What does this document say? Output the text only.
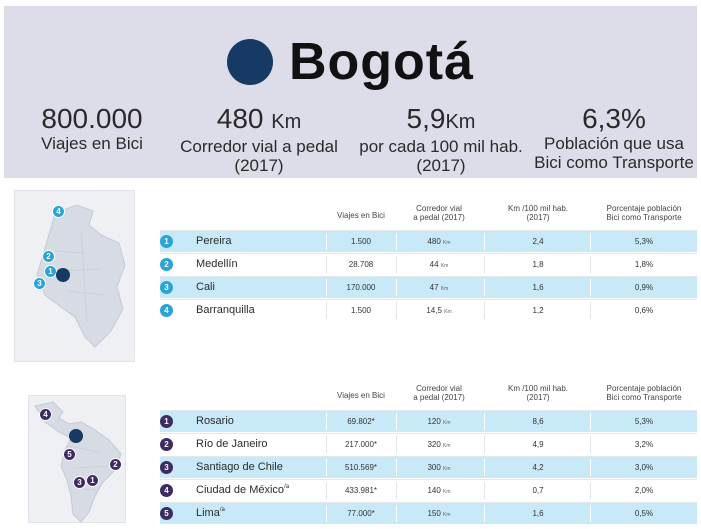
Bogotá
800.000
Viajes en Bici
480 Km
Corredor vial a pedal
(2017)
5,9Km
por cada 100 mil hab.
(2017)
6,3%
Población que usa
Bici como Transporte
4
2
1
3
Viajes en Bici
Corredor vial
a pedal (2017)
Km /100 mil hab.
(2017)
Porcentaje población
Bici como Transporte
1	Pereira	1.500	480 Km	2,4	5,3%
2	Medellín	28.708	44 Km	1,8	1,8%
3	Cali	170.000	47 Km	1,6	0,9%
4	Barranquilla	1.500	14,5 Km	1,2	0,6%
4
5
2
3	1
Viajes en Bici
Corredor vial
a pedal (2017)
Km /100 mil hab.
(2017)
Porcentaje población
Bici como Transporte
1	Rosario	69.802*	120 Km	8,6	5,3%
2	Río de Janeiro	217.000*	320 Km	4,9	3,2%
3	Santiago de Chile	510.569*	300 Km	4,2	3,0%
4	Ciudad de México$^{/a}$	433.981*	140 Km	0,7	2,0%
5	Lima$^{/a}$	77.000*	150 Km	1,6	0,5%
